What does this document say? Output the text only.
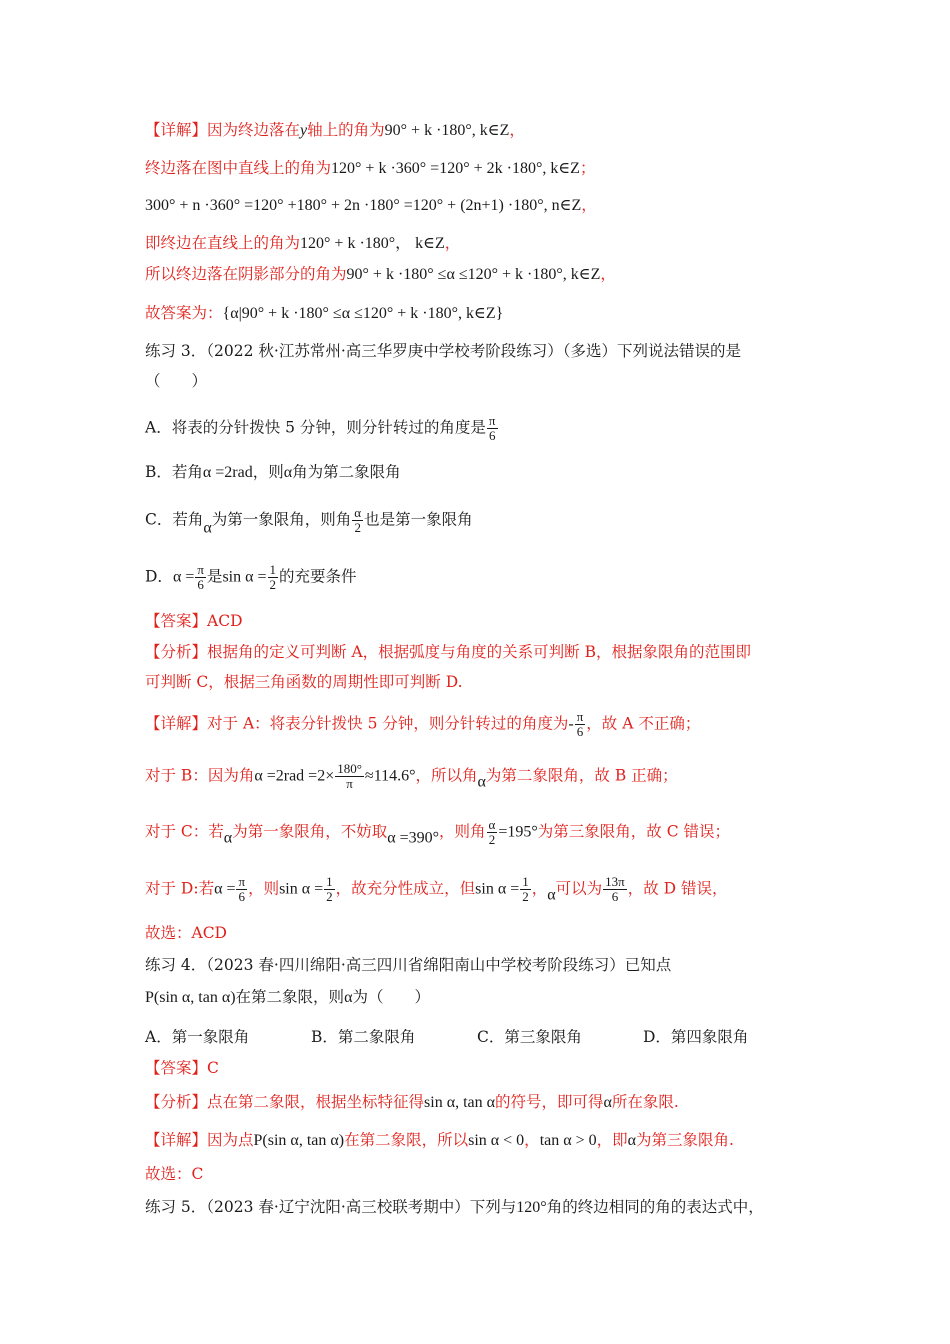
【详解】因为终边落在y轴上的角为90° + k ·180°, k∈Z，
终边落在图中直线上的角为120° + k ·360° =120° + 2k ·180°, k∈Z；
300° + n ·360° =120° +180° + 2n ·180° =120° + (2n+1) ·180°, n∈Z，
即终边在直线上的角为120° + k ·180°， k∈Z，
所以终边落在阴影部分的角为90° + k ·180° ≤α ≤120° + k ·180°, k∈Z，
故答案为：{α|90° + k ·180° ≤α ≤120° + k ·180°, k∈Z}
练习 3．（2022 秋·江苏常州·高三华罗庚中学校考阶段练习）（多选）下列说法错误的是
（　　）
A．将表的分针拨快 5 分钟，则分针转过的角度是 $\frac{\pi}{6}$
B．若角α =2rad，则α角为第二象限角
C．若角α为第一象限角，则角 $\frac{\alpha}{2}$ 也是第一象限角
D．$\alpha = \frac{\pi}{6}$ 是$\sin \alpha = \frac{1}{2}$ 的充要条件
【答案】ACD
【分析】根据角的定义可判断 A，根据弧度与角度的关系可判断 B，根据象限角的范围即
可判断 C，根据三角函数的周期性即可判断 D.
【详解】对于 A：将表分针拨快 5 分钟，则分针转过的角度为- $\frac{\pi}{6}$ ，故 A 不正确；
对于 B：因为角$\alpha =2rad =2\times \frac{180^\circ}{\pi} \approx 114.6^\circ$，所以角α为第二象限角，故 B 正确；
对于 C：若α为第一象限角，不妨取α =390°，则角 $\frac{\alpha}{2} =195^\circ$为第三象限角，故 C 错误；
对于 D:若$\alpha = \frac{\pi}{6}$ ，则$\sin \alpha = \frac{1}{2}$ ，故充分性成立，但$\sin \alpha = \frac{1}{2}$ ，α可以为 $\frac{13\pi}{6}$ ，故 D 错误，
故选：ACD
练习 4．（2023 春·四川绵阳·高三四川省绵阳南山中学校考阶段练习）已知点
P(sin α, tan α)在第二象限，则α为（　　）
A．第一象限角	B．第二象限角	C．第三象限角	D．第四象限角
【答案】C
【分析】点在第二象限，根据坐标特征得sin α, tan α的符号，即可得α所在象限.
【详解】因为点P(sin α, tan α)在第二象限，所以sin α < 0，tan α > 0，即α为第三象限角.
故选：C
练习 5．（2023 春·辽宁沈阳·高三校联考期中）下列与120°角的终边相同的角的表达式中，
